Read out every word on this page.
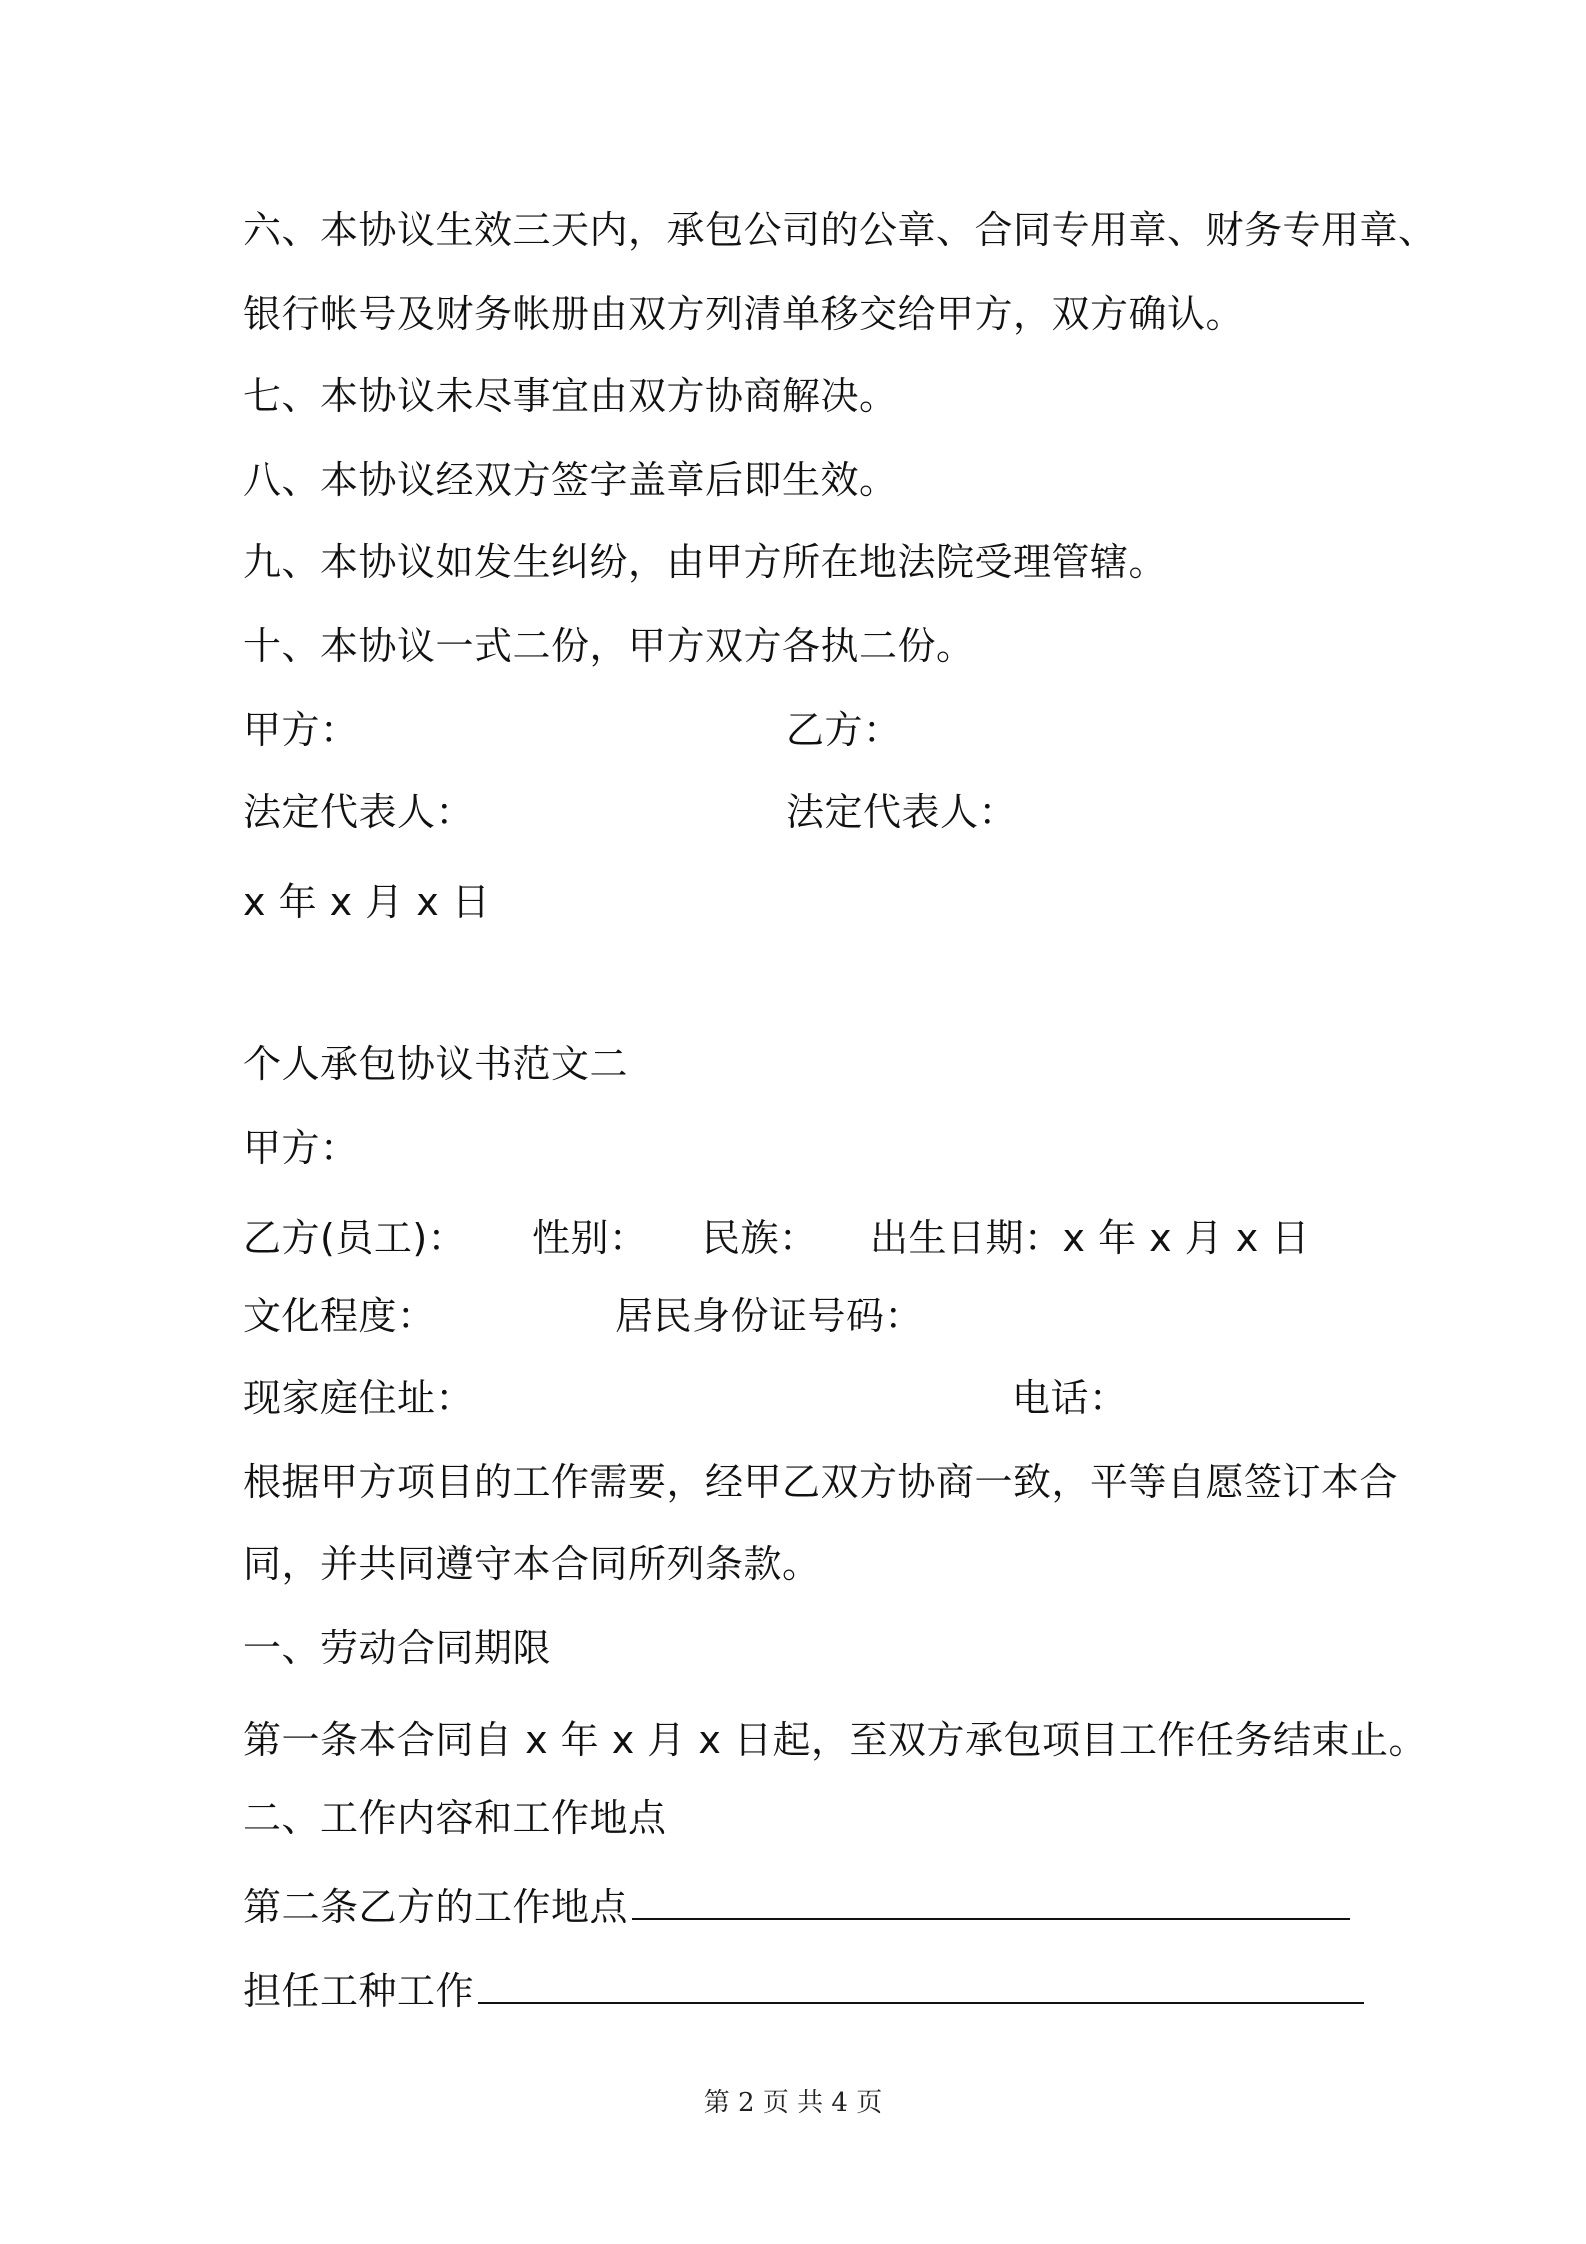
六、本协议生效三天内，承包公司的公章、合同专用章、财务专用章、
银行帐号及财务帐册由双方列清单移交给甲方，双方确认。
七、本协议未尽事宜由双方协商解决。
八、本协议经双方签字盖章后即生效。
九、本协议如发生纠纷，由甲方所在地法院受理管辖。
十、本协议一式二份，甲方双方各执二份。
甲方：	乙方：
法定代表人：	法定代表人：
x 年 x 月 x 日
个人承包协议书范文二
甲方：
乙方(员工)： 性别： 民族： 出生日期：x 年 x 月 x 日
文化程度：	居民身份证号码：
现家庭住址：	电话：
根据甲方项目的工作需要，经甲乙双方协商一致，平等自愿签订本合
同，并共同遵守本合同所列条款。
一、劳动合同期限
第一条本合同自 x 年 x 月 x 日起，至双方承包项目工作任务结束止。
二、工作内容和工作地点
第二条乙方的工作地点
担任工种工作
第 2 页 共 4 页
